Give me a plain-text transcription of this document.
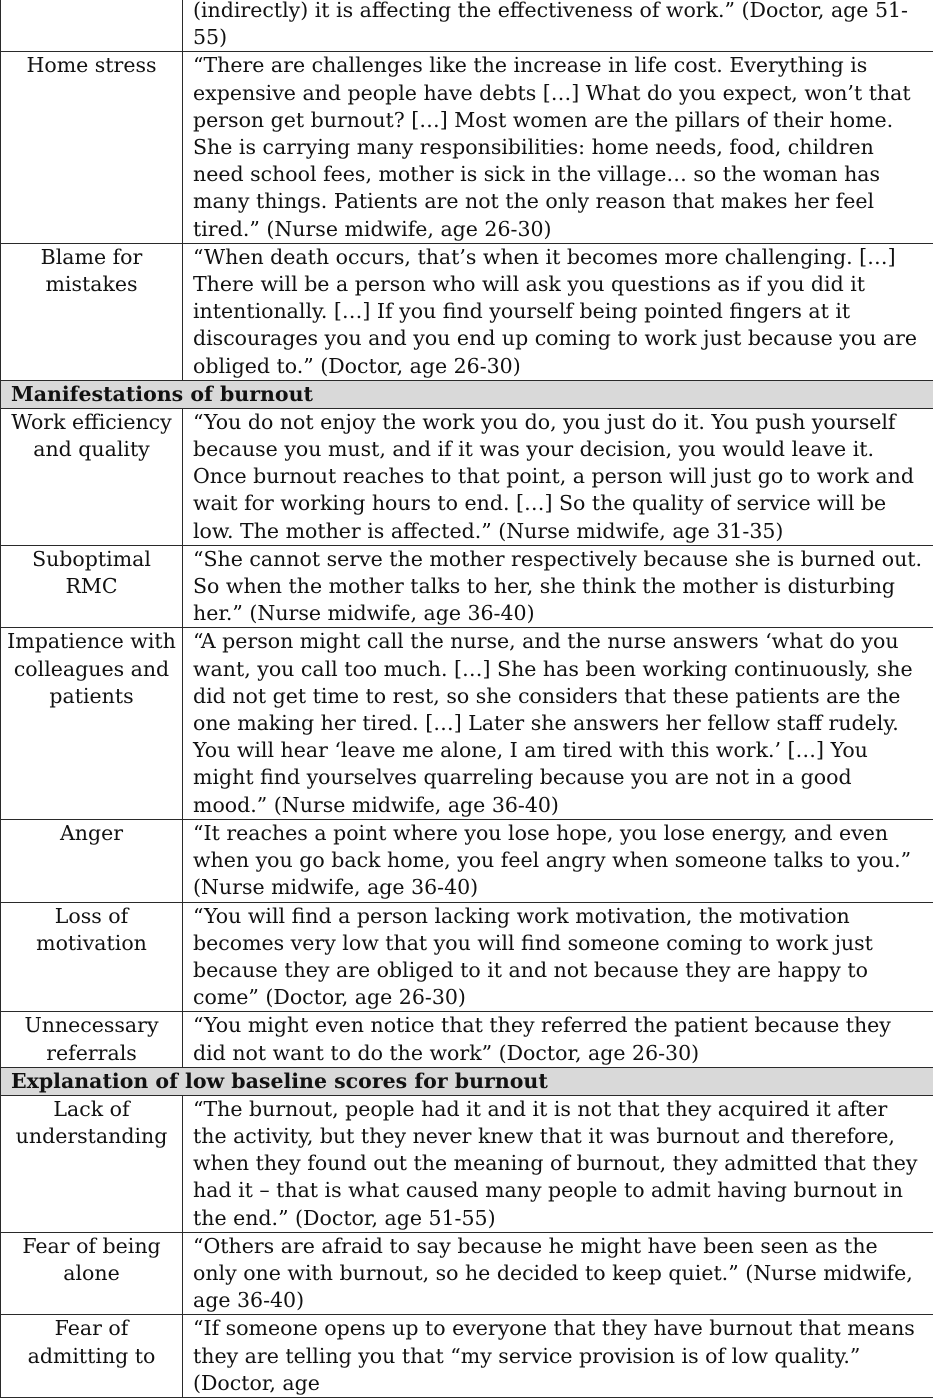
	(indirectly) it is affecting the effectiveness of work.” (Doctor, age 51-55)
Home stress	“There are challenges like the increase in life cost. Everything is expensive and people have debts […] What do you expect, won’t that person get burnout? […] Most women are the pillars of their home. She is carrying many responsibilities: home needs, food, children need school fees, mother is sick in the village… so the woman has many things. Patients are not the only reason that makes her feel tired.” (Nurse midwife, age 26-30)
Blame for mistakes	“When death occurs, that’s when it becomes more challenging. […] There will be a person who will ask you questions as if you did it intentionally. […] If you find yourself being pointed fingers at it discourages you and you end up coming to work just because you are obliged to.” (Doctor, age 26-30)
Manifestations of burnout	
Work efficiency and quality	“You do not enjoy the work you do, you just do it. You push yourself because you must, and if it was your decision, you would leave it. Once burnout reaches to that point, a person will just go to work and wait for working hours to end. […] So the quality of service will be low. The mother is affected.” (Nurse midwife, age 31-35)
Suboptimal RMC	“She cannot serve the mother respectively because she is burned out. So when the mother talks to her, she think the mother is disturbing her.” (Nurse midwife, age 36-40)
Impatience with colleagues and patients	“A person might call the nurse, and the nurse answers ‘what do you want, you call too much. […] She has been working continuously, she did not get time to rest, so she considers that these patients are the one making her tired. […] Later she answers her fellow staff rudely. You will hear ‘leave me alone, I am tired with this work.’ […] You might find yourselves quarreling because you are not in a good mood.” (Nurse midwife, age 36-40)
Anger	“It reaches a point where you lose hope, you lose energy, and even when you go back home, you feel angry when someone talks to you.” (Nurse midwife, age 36-40)
Loss of motivation	“You will find a person lacking work motivation, the motivation becomes very low that you will find someone coming to work just because they are obliged to it and not because they are happy to come” (Doctor, age 26-30)
Unnecessary referrals	“You might even notice that they referred the patient because they did not want to do the work” (Doctor, age 26-30)
Explanation of low baseline scores for burnout	
Lack of understanding	“The burnout, people had it and it is not that they acquired it after the activity, but they never knew that it was burnout and therefore, when they found out the meaning of burnout, they admitted that they had it – that is what caused many people to admit having burnout in the end.” (Doctor, age 51-55)
Fear of being alone	“Others are afraid to say because he might have been seen as the only one with burnout, so he decided to keep quiet.” (Nurse midwife, age 36-40)
Fear of admitting to	“If someone opens up to everyone that they have burnout that means they are telling you that “my service provision is of low quality.” (Doctor, age
